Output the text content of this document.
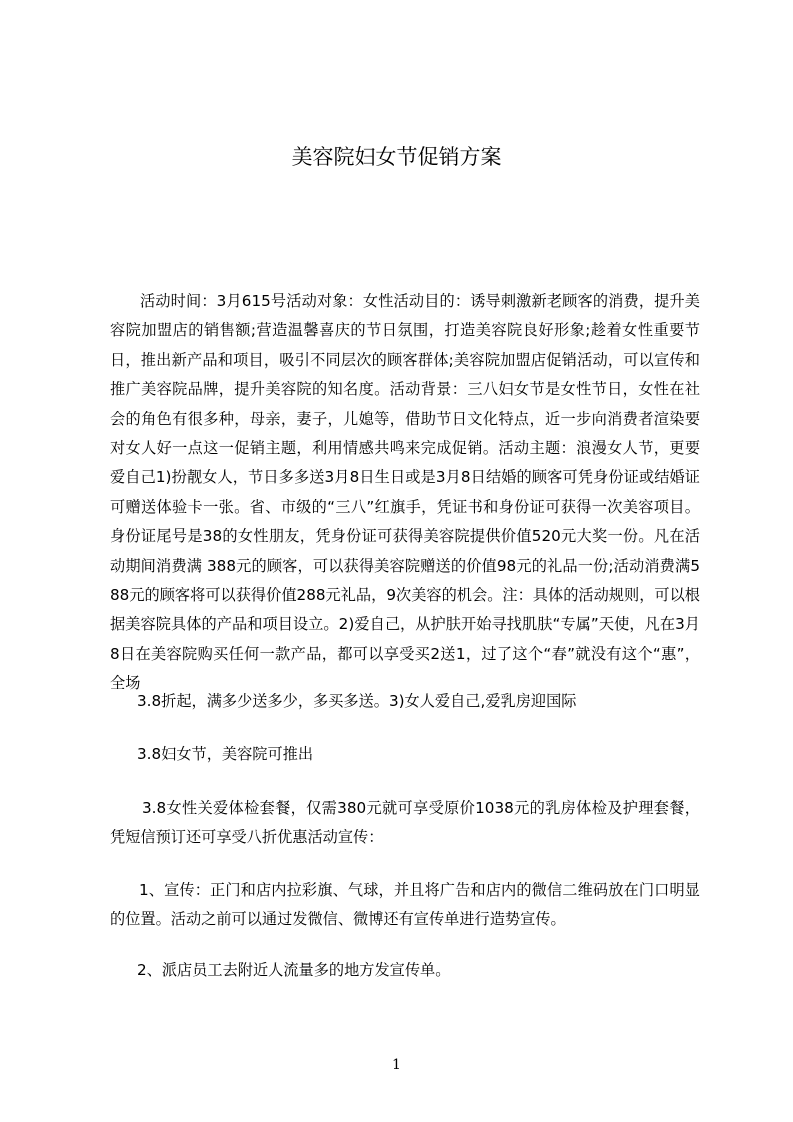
美容院妇女节促销方案

活动时间：3月615号活动对象：女性活动目的：诱导刺激新老顾客的消费，提升美容院加盟店的销售额;营造温馨喜庆的节日氛围，打造美容院良好形象;趁着女性重要节日，推出新产品和项目，吸引不同层次的顾客群体;美容院加盟店促销活动，可以宣传和推广美容院品牌，提升美容院的知名度。活动背景：三八妇女节是女性节日，女性在社会的角色有很多种，母亲，妻子，儿媳等，借助节日文化特点，近一步向消费者渲染要对女人好一点这一促销主题，利用情感共鸣来完成促销。活动主题：浪漫女人节，更要爱自己1)扮靓女人，节日多多送3月8日生日或是3月8日结婚的顾客可凭身份证或结婚证可赠送体验卡一张。省、市级的“三八”红旗手，凭证书和身份证可获得一次美容项目。身份证尾号是38的女性朋友，凭身份证可获得美容院提供价值520元大奖一份。凡在活动期间消费满 388元的顾客，可以获得美容院赠送的价值98元的礼品一份;活动消费满588元的顾客将可以获得价值288元礼品，9次美容的机会。注：具体的活动规则，可以根据美容院具体的产品和项目设立。2)爱自己，从护肤开始寻找肌肤“专属”天使，凡在3月8日在美容院购买任何一款产品，都可以享受买2送1，过了这个“春”就没有这个“惠”，全场

3.8折起，满多少送多少，多买多送。3)女人爱自己,爱乳房迎国际

3.8妇女节，美容院可推出

3.8女性关爱体检套餐，仅需380元就可享受原价1038元的乳房体检及护理套餐，凭短信预订还可享受八折优惠活动宣传：

1、宣传：正门和店内拉彩旗、气球，并且将广告和店内的微信二维码放在门口明显的位置。活动之前可以通过发微信、微博还有宣传单进行造势宣传。

2、派店员工去附近人流量多的地方发宣传单。

1
